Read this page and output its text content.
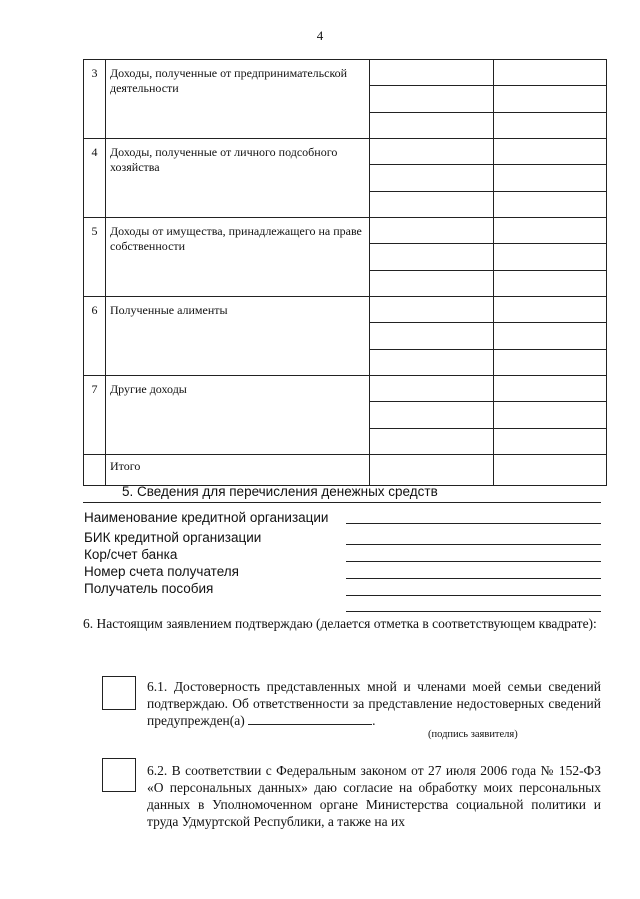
4
3	Доходы, полученные от предпринимательской деятельности		

4	Доходы, полученные от личного подсобного хозяйства		

5	Доходы от имущества, принадлежащего на праве собственности		

6	Полученные алименты		

7	Другие доходы		

	Итого		
5. Сведения для перечисления денежных средств
Наименование кредитной организации
БИК кредитной организации
Кор/счет банка
Номер счета получателя
Получатель пособия
6. Настоящим заявлением подтверждаю (делается отметка в соответствующем квадрате):
6.1. Достоверность представленных мной и членами моей семьи сведений подтверждаю. Об ответственности за представление недостоверных сведений предупрежден(а)	.
(подпись заявителя)
6.2. В соответствии с Федеральным законом от 27 июля 2006 года № 152-ФЗ «О персональных данных» даю согласие на обработку моих персональных данных в Уполномоченном органе Министерства социальной политики и труда Удмуртской Республики, а также на их
